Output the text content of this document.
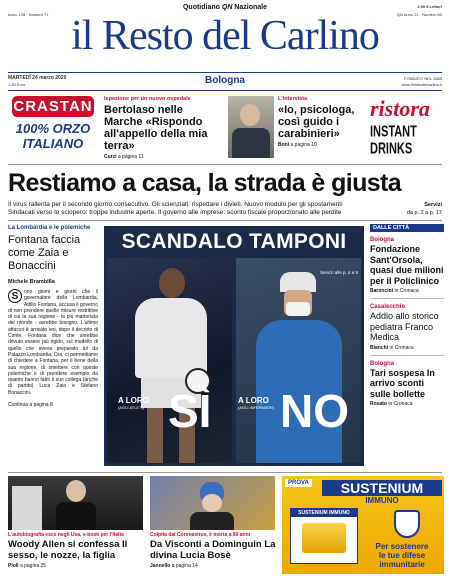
Anno 135 · Numero 71
Quotidiano QN Nazionale	2,00 € Lettori
QN Anno 21 · Numero 83
il Resto del Carlino
MARTEDÌ 24 marzo 2020
1,50 Euro	Bologna	FONDATO NEL 1885
www.ilrestodelcarlino.it
CRASTAN
100% ORZO
ITALIANO
Ispezione per un nuovo ospedale
Bertolaso nelle Marche «Rispondo all'appello della mia terra»
Curzi a pagina 11
L'intervista
«Io, psicologa, così guido i carabinieri»
Boni a pagina 10
ristora
INSTANT DRINKS
Restiamo a casa, la strada è giusta
Il virus rallenta per il secondo giorno consecutivo. Gli scienziati: rispettare i divieti. Nuovo modulo per gli spostamenti
Sindacati verso lo sciopero: troppe industrie aperte. Il governo alle imprese: sconto fiscale proporzionato alle perdite
Servizi
da p. 2 a p. 17
La Lombardia e le polemiche
Fontana faccia come Zaia e Bonaccini
Michele Brambilla
S	ono giorni e giorni che il governatore della Lombardia, Attilio Fontana, accusa il governo di non prendere quelle misure restrittive di cui la sua regione - la più martoriata del mondo - avrebbe bisogno. L'ultimo attacco è arrivato ieri, dopo il decreto di Conte. Fontana dice che avrebbe dovuto essere più rigido, sul modello di quello che aveva preparato lui da Palazzo Lombardia. Ora, ci permettiamo di chiedere a Fontana, per il bene della sua regione, di smettere con queste polemiche e di prendere esempio da quanto hanno fatto il suo collega (anche di partito) Luca Zaia e Stefano Bonaccini.
Continua a pagina 8
SCANDALO TAMPONI
Servizi alle p. 4 e 5
A LORO
(AGLI ATLETI) SÌ	A LORO
(AGLI INFERMIERI) NO
DALLE CITTÀ
Bologna
Fondazione Sant'Orsola, quasi due milioni per il Policlinico
Baroncini in Cronaca
Casalecchio
Addio allo storico pediatra Franco Medica
Bianchi in Cronaca
Bologna
Tari sospesa In arrivo sconti sulle bollette
Rosato in Cronaca
L'autobiografia esce negli Usa, e-book per l'Italia
Woody Allen si confessa Il sesso, le nozze, la figlia
Ploll a pagina 25
Colpita dal Coronavirus, è morta a 89 anni
Da Visconti a Dominguin La divina Lucia Bosè
Jannello a pagina 14
PROVA	SUSTENIUM
IMMUNO
SUSTENIUM IMMUNO
Per sostenere
le tue difese
immunitarie
